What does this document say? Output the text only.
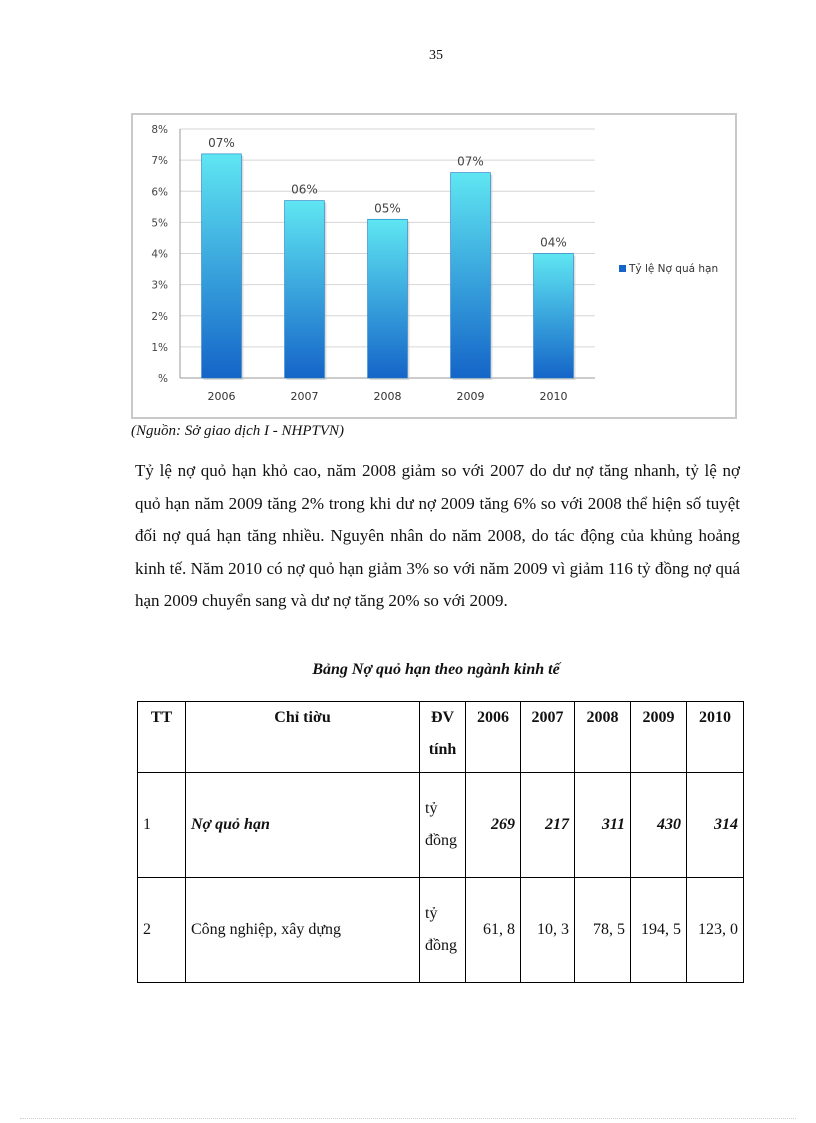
35
%
1%
2%
3%
4%
5%
6%
7%
8%
07%
06%
05%
07%
04%
2006	2007	2008	2009	2010
Tỷ lệ Nợ quá hạn
(Nguồn: Sở giao dịch I - NHPTVN)

Tỷ lệ nợ quỏ hạn khỏ cao, năm 2008 giảm so với 2007 do dư nợ tăng nhanh, tỷ lệ nợ quỏ hạn năm 2009 tăng 2% trong khi dư nợ 2009 tăng 6% so với 2008 thể hiện số tuyệt đối nợ quá hạn tăng nhiều. Nguyên nhân do năm 2008, do tác động của khủng hoảng kinh tế. Năm 2010 có nợ quỏ hạn giảm 3% so với năm 2009 vì giảm 116 tỷ đồng nợ quá hạn 2009 chuyển sang và dư nợ tăng 20% so với 2009.

Bảng Nợ quỏ hạn theo ngành kinh tế
TT	Chỉ tiờu	ĐV tính	2006	2007	2008	2009	2010
1	Nợ quỏ hạn	tỷ đồng	269	217	311	430	314
2	Công nghiệp, xây dựng	tỷ đồng	61, 8	10, 3	78, 5	194, 5	123, 0
